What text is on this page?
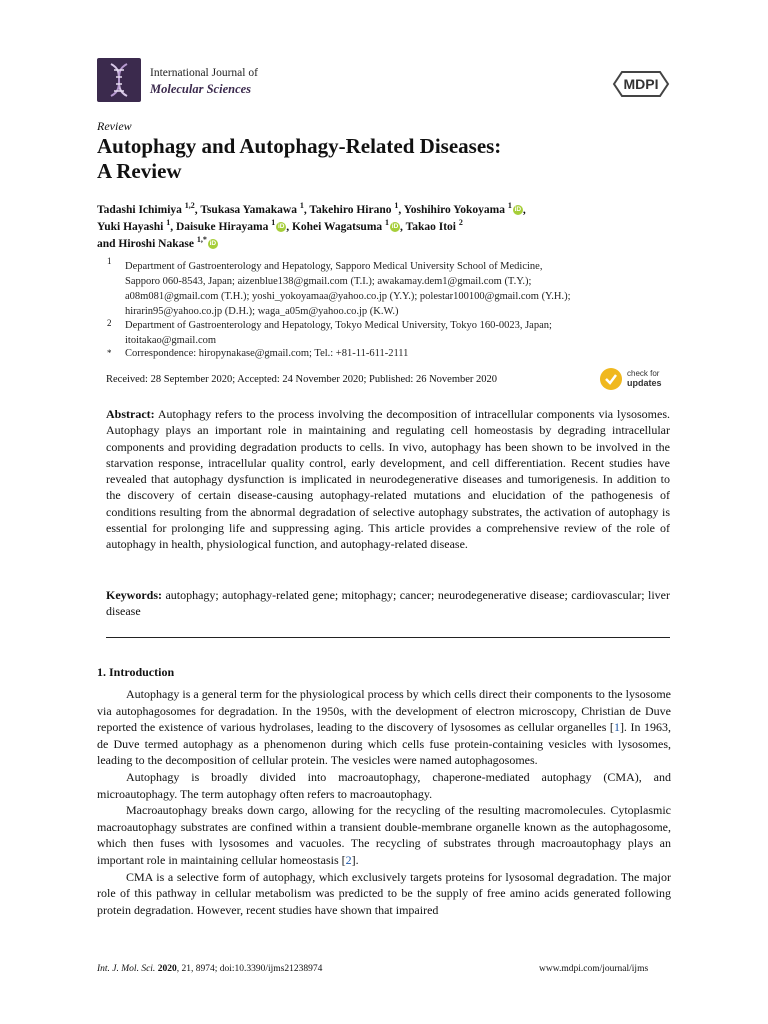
International Journal of
Molecular Sciences	MDPI
Review
Autophagy and Autophagy-Related Diseases:
A Review
Tadashi Ichimiya $^{1,2}$, Tsukasa Yamakawa $^1$, Takehiro Hirano $^1$, Yoshihiro Yokoyama $^1$ iD ,
Yuki Hayashi $^1$, Daisuke Hirayama $^1$ iD , Kohei Wagatsuma $^1$ iD , Takao Itoi $^2$
and Hiroshi Nakase $^{1,*}$ iD
1 Department of Gastroenterology and Hepatology, Sapporo Medical University School of Medicine,
Sapporo 060-8543, Japan; aizenblue138@gmail.com (T.I.); awakamay.dem1@gmail.com (T.Y.);
a08m081@gmail.com (T.H.); yoshi_yokoyamaa@yahoo.co.jp (Y.Y.); polestar100100@gmail.com (Y.H.);
hirarin95@yahoo.co.jp (D.H.); waga_a05m@yahoo.co.jp (K.W.)
2 Department of Gastroenterology and Hepatology, Tokyo Medical University, Tokyo 160-0023, Japan;
itoitakao@gmail.com
* Correspondence: hiropynakase@gmail.com; Tel.: +81-11-611-2111
Received: 28 September 2020; Accepted: 24 November 2020; Published: 26 November 2020
check for
updates
Abstract: Autophagy refers to the process involving the decomposition of intracellular components via lysosomes. Autophagy plays an important role in maintaining and regulating cell homeostasis by degrading intracellular components and providing degradation products to cells. In vivo, autophagy has been shown to be involved in the starvation response, intracellular quality control, early development, and cell differentiation. Recent studies have revealed that autophagy dysfunction is implicated in neurodegenerative diseases and tumorigenesis. In addition to the discovery of certain disease-causing autophagy-related mutations and elucidation of the pathogenesis of conditions resulting from the abnormal degradation of selective autophagy substrates, the activation of autophagy is essential for prolonging life and suppressing aging. This article provides a comprehensive review of the role of autophagy in health, physiological function, and autophagy-related disease.
Keywords: autophagy; autophagy-related gene; mitophagy; cancer; neurodegenerative disease; cardiovascular; liver disease
1. Introduction

Autophagy is a general term for the physiological process by which cells direct their components to the lysosome via autophagosomes for degradation. In the 1950s, with the development of electron microscopy, Christian de Duve reported the existence of various hydrolases, leading to the discovery of lysosomes as cellular organelles [1]. In 1963, de Duve termed autophagy as a phenomenon during which cells fuse protein-containing vesicles with lysosomes, leading to the decomposition of cellular protein. The vesicles were named autophagosomes.

Autophagy is broadly divided into macroautophagy, chaperone-mediated autophagy (CMA), and microautophagy. The term autophagy often refers to macroautophagy.

Macroautophagy breaks down cargo, allowing for the recycling of the resulting macromolecules. Cytoplasmic macroautophagy substrates are confined within a transient double-membrane organelle known as the autophagosome, which then fuses with lysosomes and vacuoles. The recycling of substrates through macroautophagy plays an important role in maintaining cellular homeostasis [2].

CMA is a selective form of autophagy, which exclusively targets proteins for lysosomal degradation. The major role of this pathway in cellular metabolism was predicted to be the supply of free amino acids generated following protein degradation. However, recent studies have shown that impaired

Int. J. Mol. Sci. 2020, 21, 8974; doi:10.3390/ijms21238974	www.mdpi.com/journal/ijms
